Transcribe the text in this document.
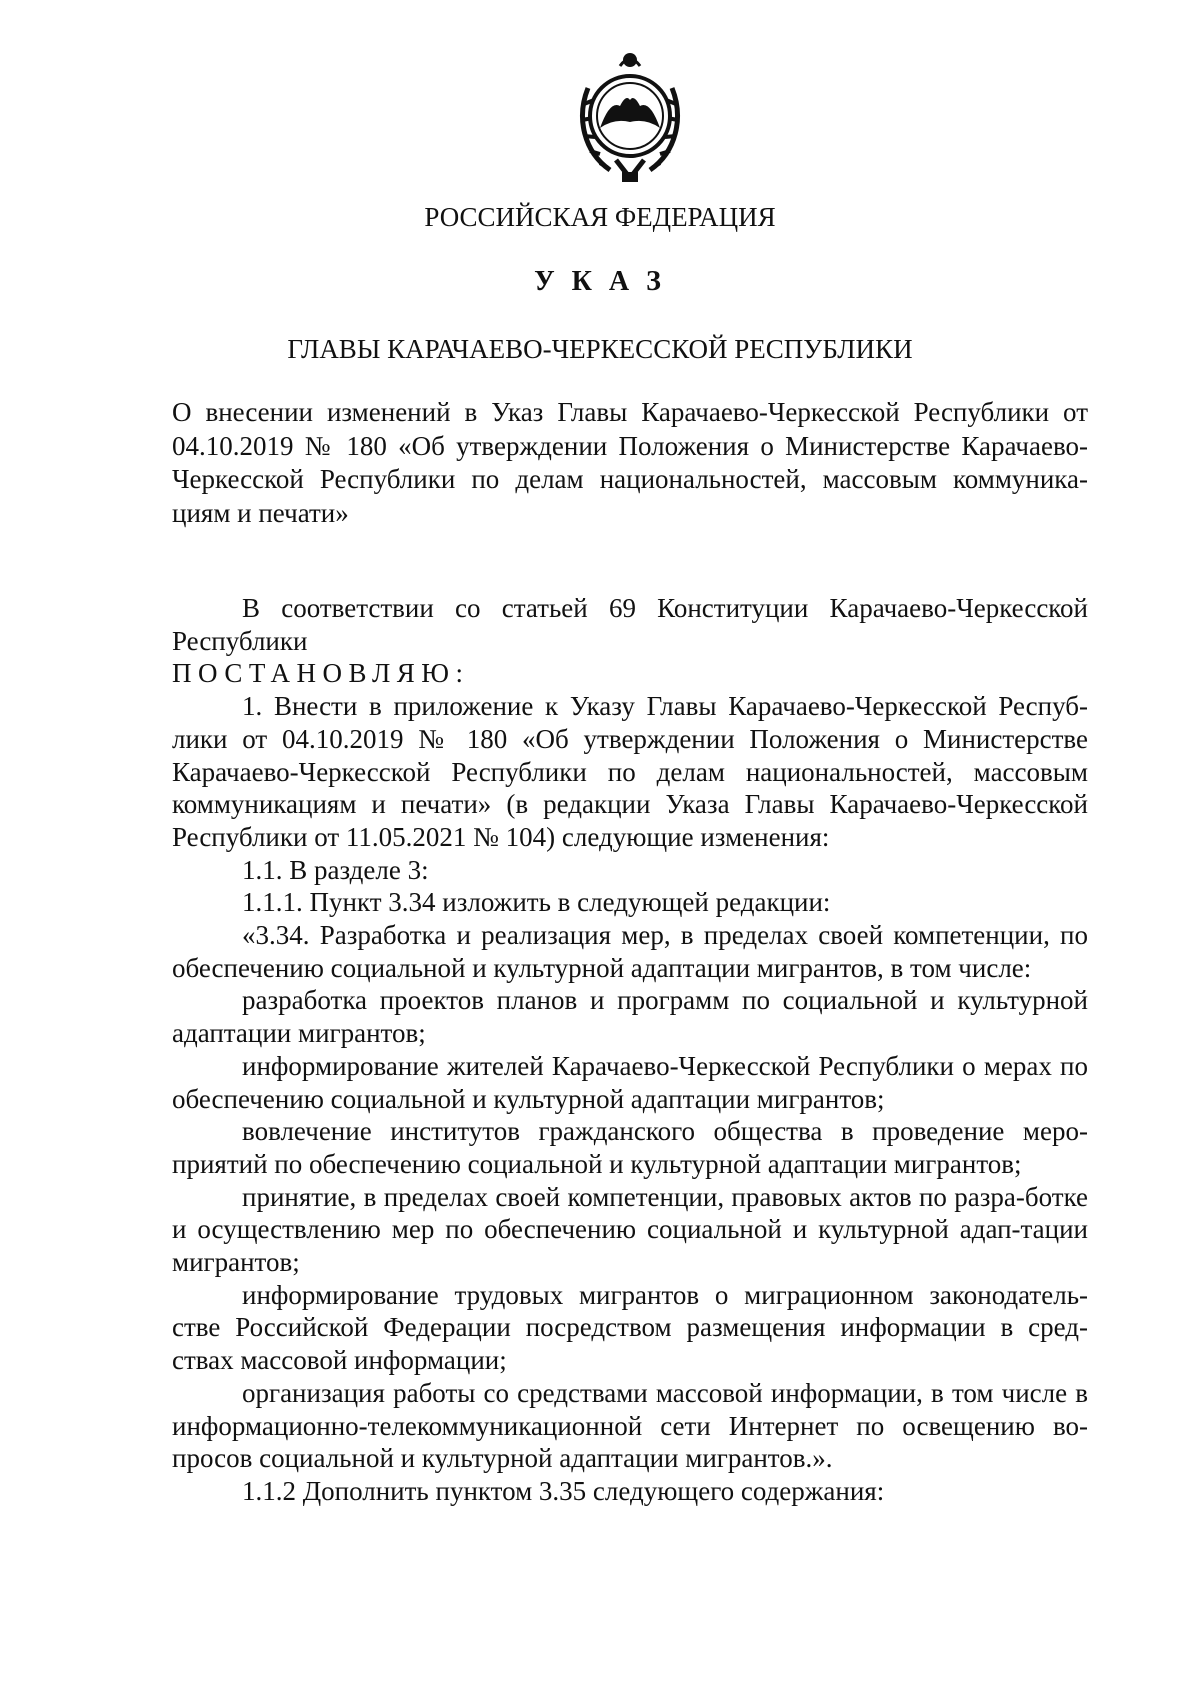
РОССИЙСКАЯ ФЕДЕРАЦИЯ
У К А З
ГЛАВЫ КАРАЧАЕВО-ЧЕРКЕССКОЙ РЕСПУБЛИКИ
О внесении изменений в Указ Главы Карачаево-Черкесской Республики от 04.10.2019 № 180 «Об утверждении Положения о Министерстве Карачаево-Черкесской Республики по делам национальностей, массовым коммуника-циям и печати»

В соответствии со статьей 69 Конституции Карачаево-Черкесской Республики

ПОСТАНОВЛЯЮ:

1. Внести в приложение к Указу Главы Карачаево-Черкесской Респуб-лики от 04.10.2019 № 180 «Об утверждении Положения о Министерстве Карачаево-Черкесской Республики по делам национальностей, массовым коммуникациям и печати» (в редакции Указа Главы Карачаево-Черкесской Республики от 11.05.2021 № 104) следующие изменения:

1.1. В разделе 3:

1.1.1. Пункт 3.34 изложить в следующей редакции:

«3.34. Разработка и реализация мер, в пределах своей компетенции, по обеспечению социальной и культурной адаптации мигрантов, в том числе:

разработка проектов планов и программ по социальной и культурной адаптации мигрантов;

информирование жителей Карачаево-Черкесской Республики о мерах по обеспечению социальной и культурной адаптации мигрантов;

вовлечение институтов гражданского общества в проведение меро-приятий по обеспечению социальной и культурной адаптации мигрантов;

принятие, в пределах своей компетенции, правовых актов по разра-ботке и осуществлению мер по обеспечению социальной и культурной адап-тации мигрантов;

информирование трудовых мигрантов о миграционном законодатель-стве Российской Федерации посредством размещения информации в сред-ствах массовой информации;

организация работы со средствами массовой информации, в том числе в информационно-телекоммуникационной сети Интернет по освещению во-просов социальной и культурной адаптации мигрантов.».

1.1.2 Дополнить пунктом 3.35 следующего содержания:
